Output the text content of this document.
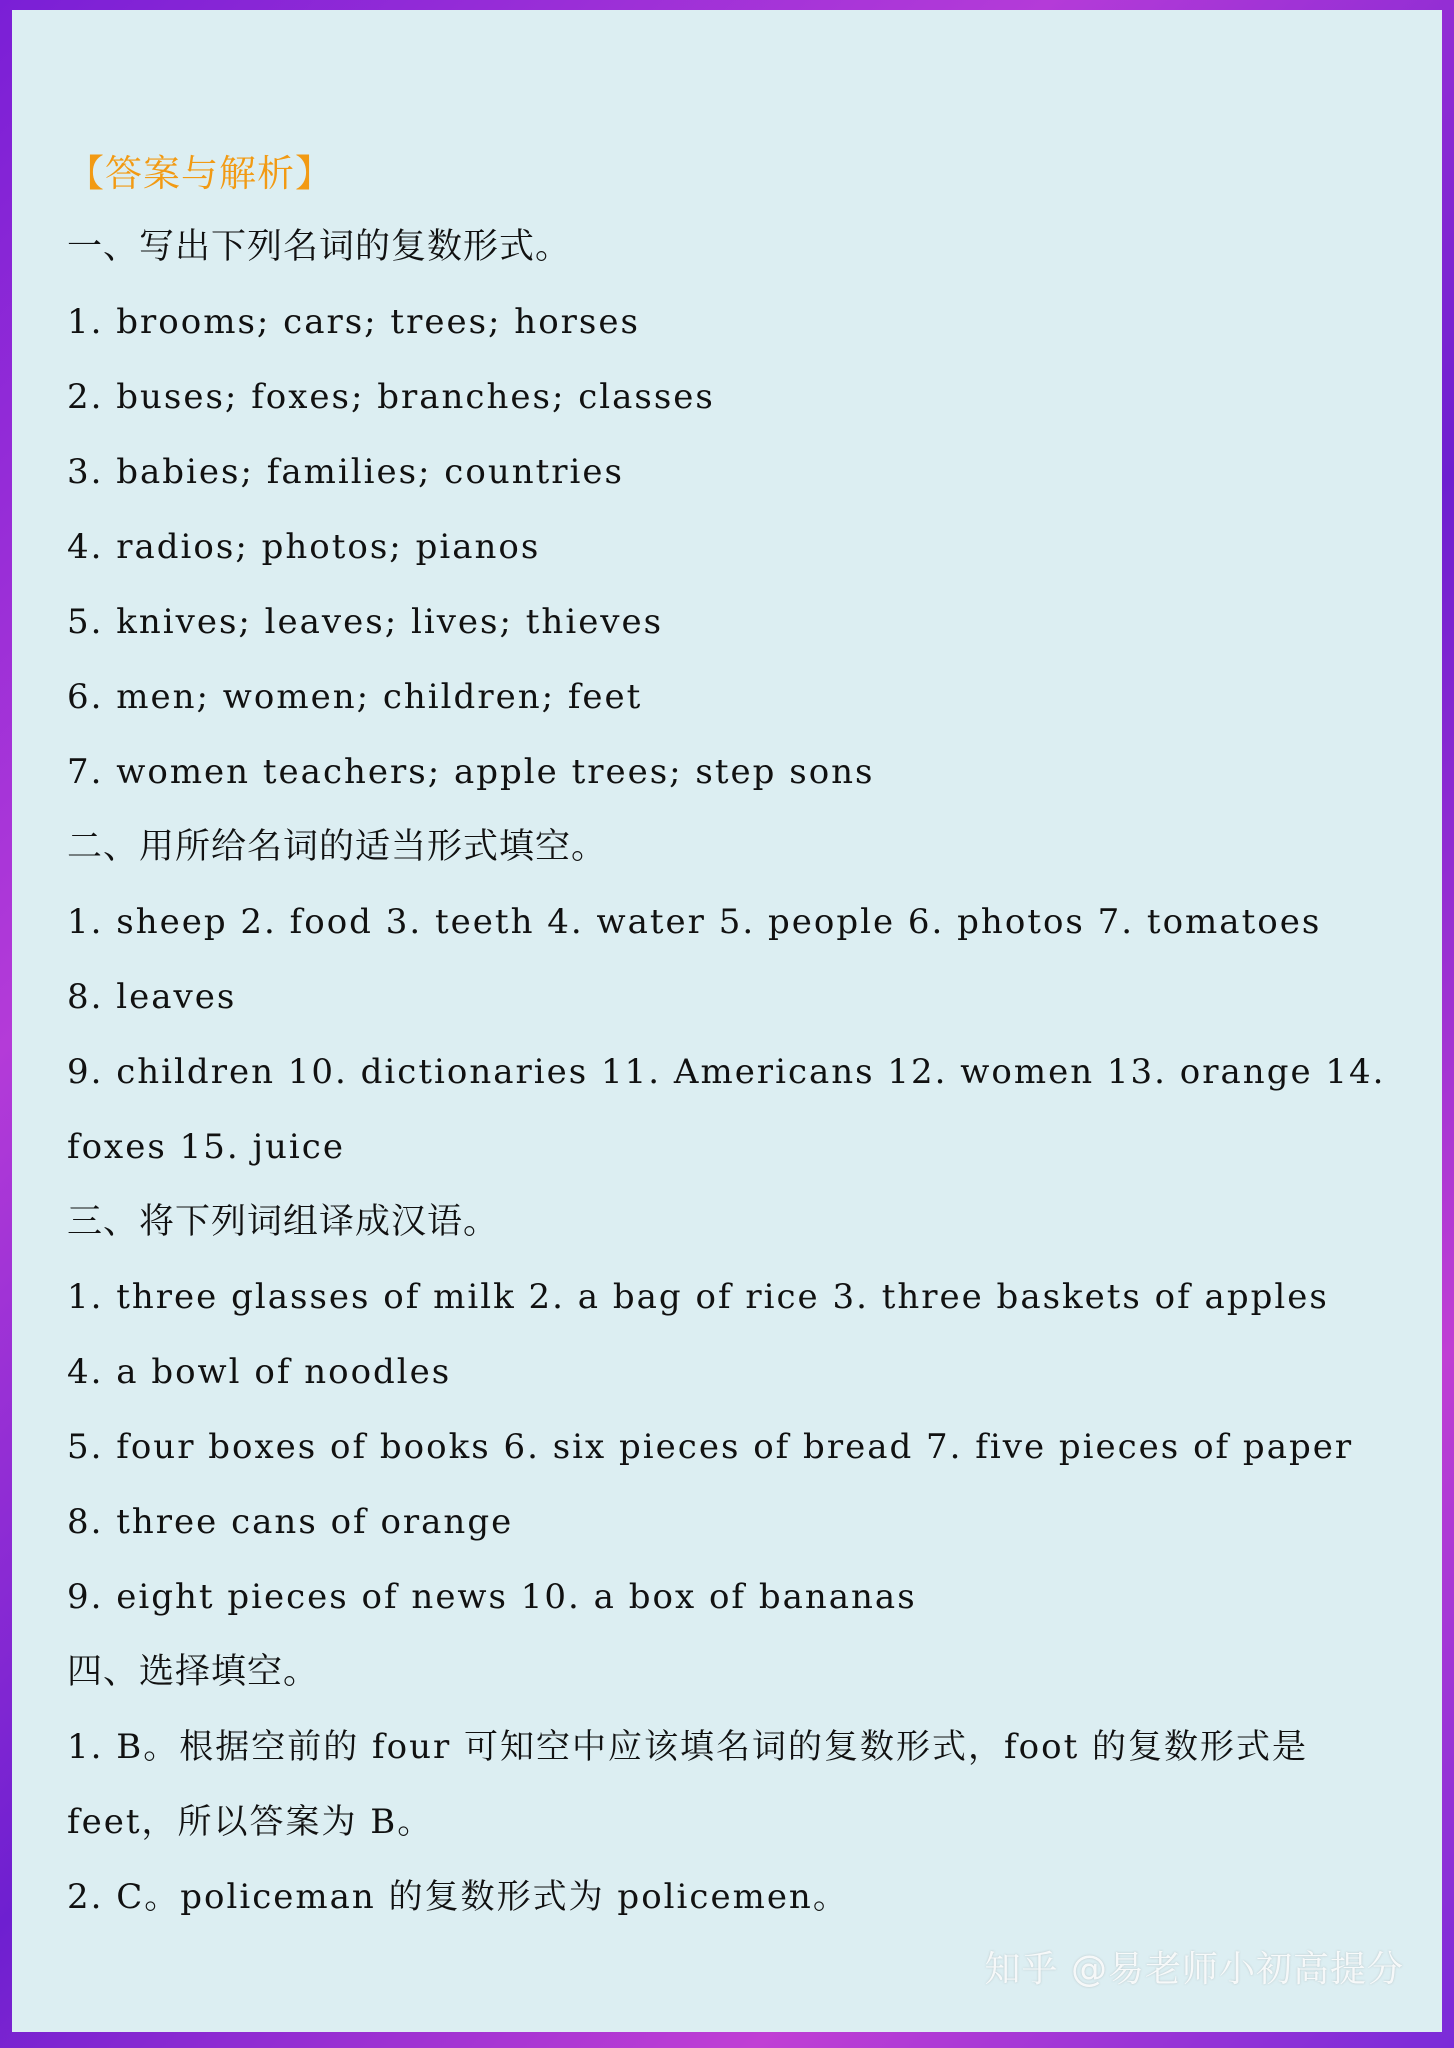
【答案与解析】
一、写出下列名词的复数形式。
1. brooms; cars; trees; horses
2. buses; foxes; branches; classes
3. babies; families; countries
4. radios; photos; pianos
5. knives; leaves; lives; thieves
6. men; women; children; feet
7. women teachers; apple trees; step sons
二、用所给名词的适当形式填空。
1. sheep 2. food 3. teeth 4. water 5. people 6. photos 7. tomatoes
8. leaves
9. children 10. dictionaries 11. Americans 12. women 13. orange 14.
foxes 15. juice
三、将下列词组译成汉语。
1. three glasses of milk 2. a bag of rice 3. three baskets of apples
4. a bowl of noodles
5. four boxes of books 6. six pieces of bread 7. five pieces of paper
8. three cans of orange
9. eight pieces of news 10. a box of bananas
四、选择填空。
1. B。根据空前的 four 可知空中应该填名词的复数形式，foot 的复数形式是
feet，所以答案为 B。
2. C。policeman 的复数形式为 policemen。
知乎 @易老师小初高提分
